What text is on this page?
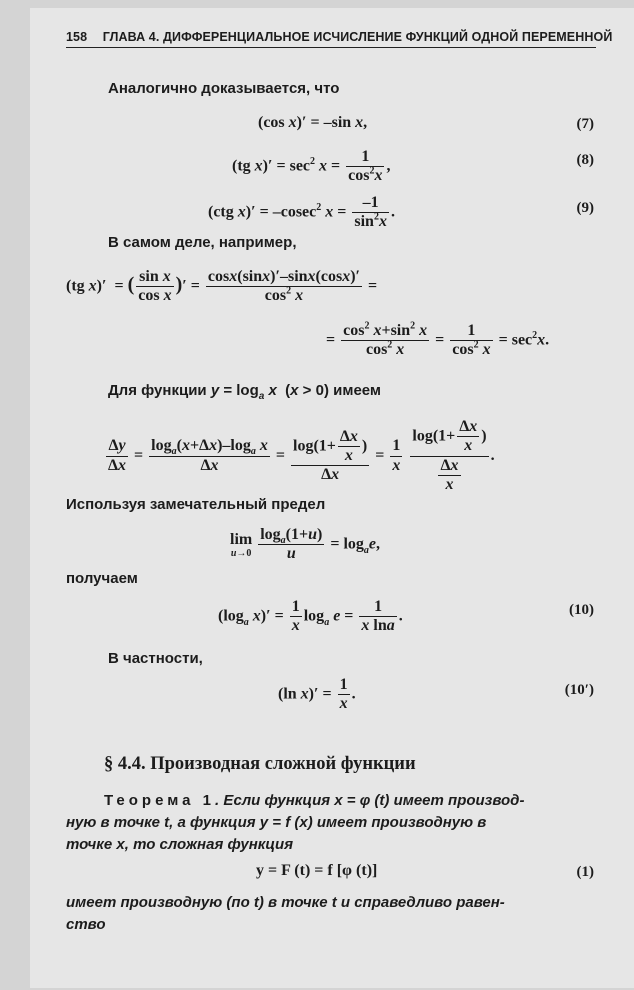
158 ГЛАВА 4. ДИФФЕРЕНЦИАЛЬНОЕ ИСЧИСЛЕНИЕ ФУНКЦИЙ ОДНОЙ ПЕРЕМЕННОЙ
Аналогично доказывается, что
(cos x)′ = –sin x,	(7)
(tg $x)' = \sec^2 x = \frac{1}{\cos^2x}$ ,	(8)
(ctg x)′ = –cosec$^2$ $x = \frac{-1}{\sin^2x}$ .	(9)
В самом деле, например,
(tg x)′  = ( $\frac{\text{sin x}}{\text{cos x}}$ )′ = $\frac{\cos x(\sin x)'-\sin x(\cos x)'}{\cos^2 x}$ =
= $\frac{\cos^2 x+\sin^2 x}{\cos^2 x} = \frac{1}{\cos^2 x} = \sec^2x$.
Для функции $y = \log_a x$  (x > 0) имеем
$\frac{\Delta y}{\Delta x} = \frac{\log_a(x+\Delta x)-\log_a x}{\Delta x} = \frac{\log(1+ \frac{\Delta x}{x} )}{\Delta x} = \frac{1}{x}$
$\frac{\log(1+ \frac{\Delta x}{x} )}{\frac{\Delta x}{x}}$ .
Используя замечательный предел
lim
u→0
$\frac{\log_a(1+u)}{u} = \log_ae$,
получаем
($\log_a$ $x)' = \frac{1}{x} \log_a e = \frac{1}{\text{x lna}}$ .	(10)
В частности,
(ln $x)' = \frac{1}{x}$ .	(10′)
§ 4.4. Производная сложной функции
Теорема 1. Если функция x = φ (t) имеет производ-
ную в точке t, а функция y = f (x) имеет производную в
точке x, то сложная функция
y = F (t) = f [φ (t)]	(1)
имеет производную (по t) в точке t и справедливо равен-
ство
